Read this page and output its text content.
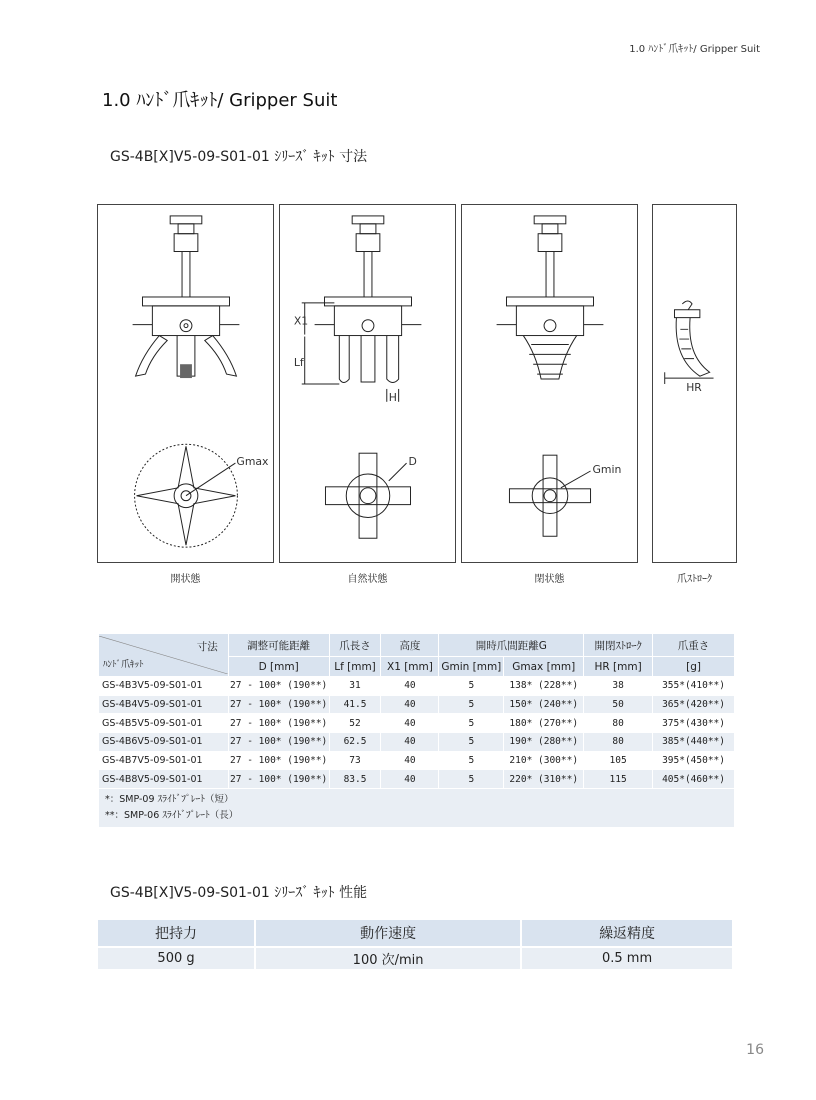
1.0 ﾊﾝﾄﾞ爪ｷｯﾄ/ Gripper Suit
1.0 ﾊﾝﾄﾞ爪ｷｯﾄ/ Gripper Suit
GS-4B[X]V5-09-S01-01 ｼﾘｰｽﾞ ｷｯﾄ 寸法
Gmax
X1
Lf
H
D
Gmin
HR
開状態	自然状態	閉状態	爪ｽﾄﾛｰｸ
寸法
ﾊﾝﾄﾞ爪ｷｯﾄ	調整可能距離	爪長さ	高度	開時爪間距離G		開閉ｽﾄﾛｰｸ	爪重さ
	D [mm]	Lf [mm]	X1 [mm]	Gmin [mm]	Gmax [mm]	HR [mm]	[g]
GS-4B3V5-09-S01-01	27 - 100* (190**)	31	40	5	138* (228**)	38	355*(410**)
GS-4B4V5-09-S01-01	27 - 100* (190**)	41.5	40	5	150* (240**)	50	365*(420**)
GS-4B5V5-09-S01-01	27 - 100* (190**)	52	40	5	180* (270**)	80	375*(430**)
GS-4B6V5-09-S01-01	27 - 100* (190**)	62.5	40	5	190* (280**)	80	385*(440**)
GS-4B7V5-09-S01-01	27 - 100* (190**)	73	40	5	210* (300**)	105	395*(450**)
GS-4B8V5-09-S01-01	27 - 100* (190**)	83.5	40	5	220* (310**)	115	405*(460**)

*：SMP-09 ｽﾗｲﾄﾞﾌﾟﾚｰﾄ（短）
**：SMP-06 ｽﾗｲﾄﾞﾌﾟﾚｰﾄ（長）							
GS-4B[X]V5-09-S01-01 ｼﾘｰｽﾞ ｷｯﾄ 性能
把持力	動作速度	繰返精度
500 g	100 次/min	0.5 mm
16
